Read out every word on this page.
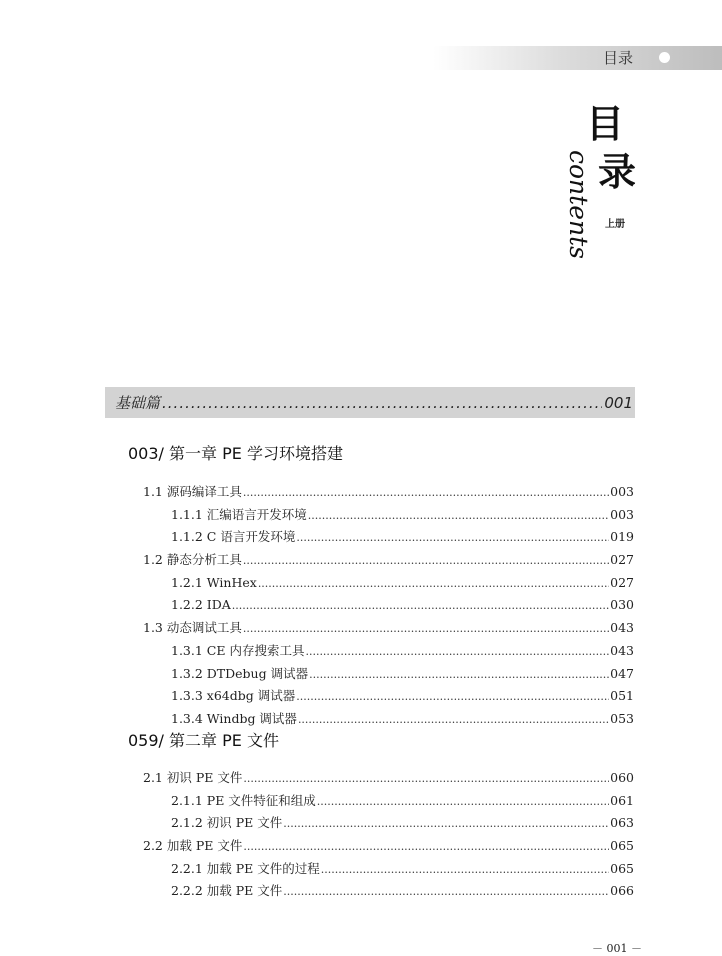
目录
目
录
contents 上册
基础篇 .....	001
003/ 第一章 PE 学习环境搭建
1.1 源码编译工具 .....	003
1.1.1 汇编语言开发环境 .....	003
1.1.2 C 语言开发环境 .....	019
1.2 静态分析工具 .....	027
1.2.1 WinHex .....	027
1.2.2 IDA .....	030
1.3 动态调试工具 .....	043
1.3.1 CE 内存搜索工具 .....	043
1.3.2 DTDebug 调试器 .....	047
1.3.3 x64dbg 调试器 .....	051
1.3.4 Windbg 调试器 .....	053
059/ 第二章 PE 文件
2.1 初识 PE 文件 .....	060
2.1.1 PE 文件特征和组成 .....	061
2.1.2 初识 PE 文件 .....	063
2.2 加载 PE 文件 .....	065
2.2.1 加载 PE 文件的过程 .....	065
2.2.2 加载 PE 文件 .....	066
－ 001 －
